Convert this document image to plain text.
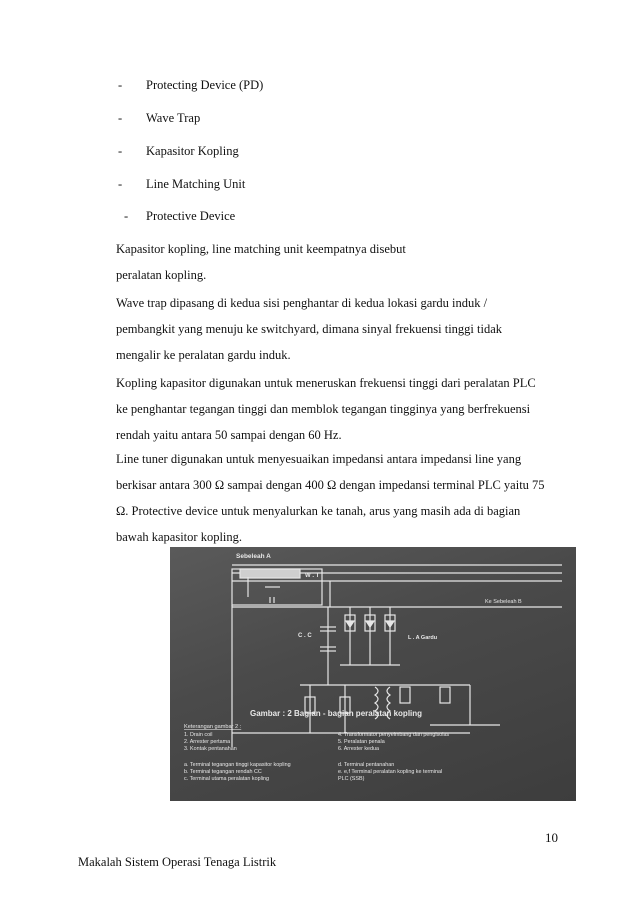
- Protecting Device (PD)
- Wave Trap
- Kapasitor Kopling
- Line Matching Unit
- Protective Device
Kapasitor kopling, line matching unit keempatnya disebut
peralatan kopling.
Wave trap dipasang di kedua sisi penghantar di kedua lokasi gardu induk /
pembangkit yang menuju ke switchyard, dimana sinyal frekuensi tinggi tidak
mengalir ke peralatan gardu induk.
Kopling kapasitor digunakan untuk meneruskan frekuensi tinggi dari peralatan PLC
ke penghantar tegangan tinggi dan memblok tegangan tingginya yang berfrekuensi
rendah yaitu antara 50 sampai dengan 60 Hz.
Line tuner digunakan untuk menyesuaikan impedansi antara impedansi line yang
berkisar antara 300 Ω sampai dengan 400 Ω dengan impedansi terminal PLC yaitu 75
Ω. Protective device untuk menyalurkan ke tanah, arus yang masih ada di bagian
bawah kapasitor kopling.
Sebeleah A
W . T
Ke Sebeleah B
C . C	L . A Gardu
Gambar : 2 Bagian - bagian peralatan kopling
Keterangan gambar 2 :
1. Drain coil
2. Arrester pertama
3. Kontak pentanahan
a. Terminal tegangan tinggi kapasitor kopling
b. Terminal tegangan rendah CC
c. Terminal utama peralatan kopling
4. Transformator penyeimbang dan pengisolas
5. Peralatan penala
6. Arrester kedua
d. Terminal pentanahan
e. e,f Terminal peralatan kopling ke terminal
PLC (SSB)
10
Makalah Sistem Operasi Tenaga Listrik
